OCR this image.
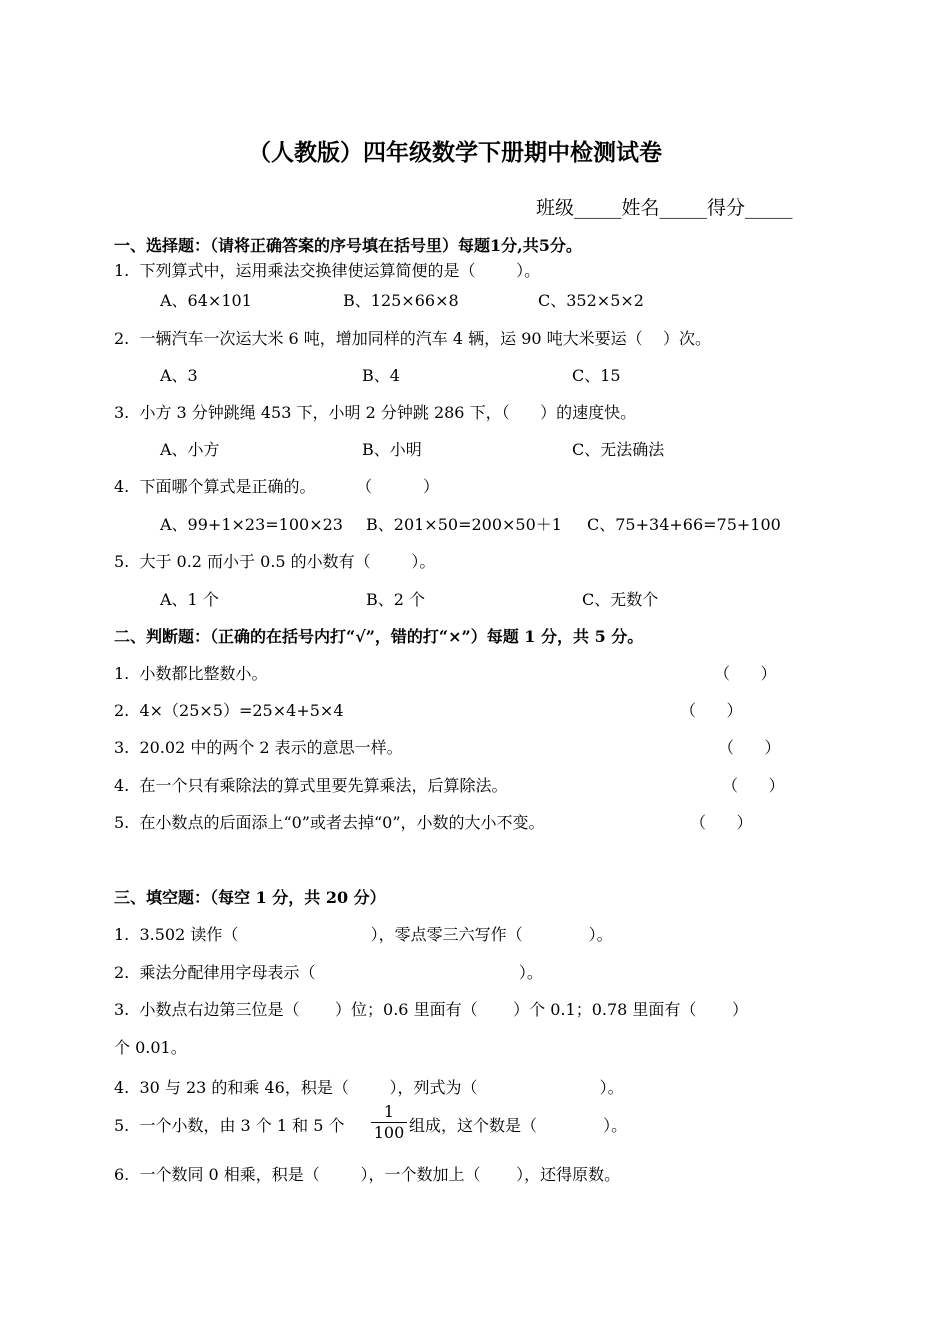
（人教版）四年级数学下册期中检测试卷
班级_____姓名_____得分_____
一、选择题：（请将正确答案的序号填在括号里）每题1分,共5分。
1.  下列算式中，运用乘法交换律使运算简便的是（        ）。
A、64×101	B、125×66×8	C、352×5×2
2.  一辆汽车一次运大米 6 吨，增加同样的汽车 4 辆，运 90 吨大米要运（    ）次。
A、3	B、4	C、15
3.  小方 3 分钟跳绳 453 下，小明 2 分钟跳 286 下，（      ）的速度快。
A、小方	B、小明	C、无法确法
4.  下面哪个算式是正确的。        （          ）
A、99+1×23=100×23 B、201×50=200×50＋1 C、75+34+66=75+100
5.  大于 0.2 而小于 0.5 的小数有（        ）。
A、1 个	B、2 个	C、无数个
二、判断题：（正确的在括号内打“√”，错的打“×”）每题 1 分，共 5 分。
1.  小数都比整数小。	（      ）
2.  4×（25×5）=25×4+5×4	（      ）
3.  20.02 中的两个 2 表示的意思一样。	（      ）
4.  在一个只有乘除法的算式里要先算乘法，后算除法。	（      ）
5.  在小数点的后面添上“0”或者去掉“0”，小数的大小不变。	（      ）
三、填空题：（每空 1 分，共 20 分）
1.  3.502 读作（                          ），零点零三六写作（             ）。
2.  乘法分配律用字母表示（                                        ）。
3.  小数点右边第三位是（       ）位；0.6 里面有（       ）个 0.1；0.78 里面有（       ）
个 0.01。
4.  30 与 23 的和乘 46，积是（        ），列式为（                        ）。
5.  一个小数，由 3 个 1 和 5 个 $\frac{1}{100}$ 组成，这个数是（             ）。
6.  一个数同 0 相乘，积是（        ），一个数加上（       ），还得原数。
